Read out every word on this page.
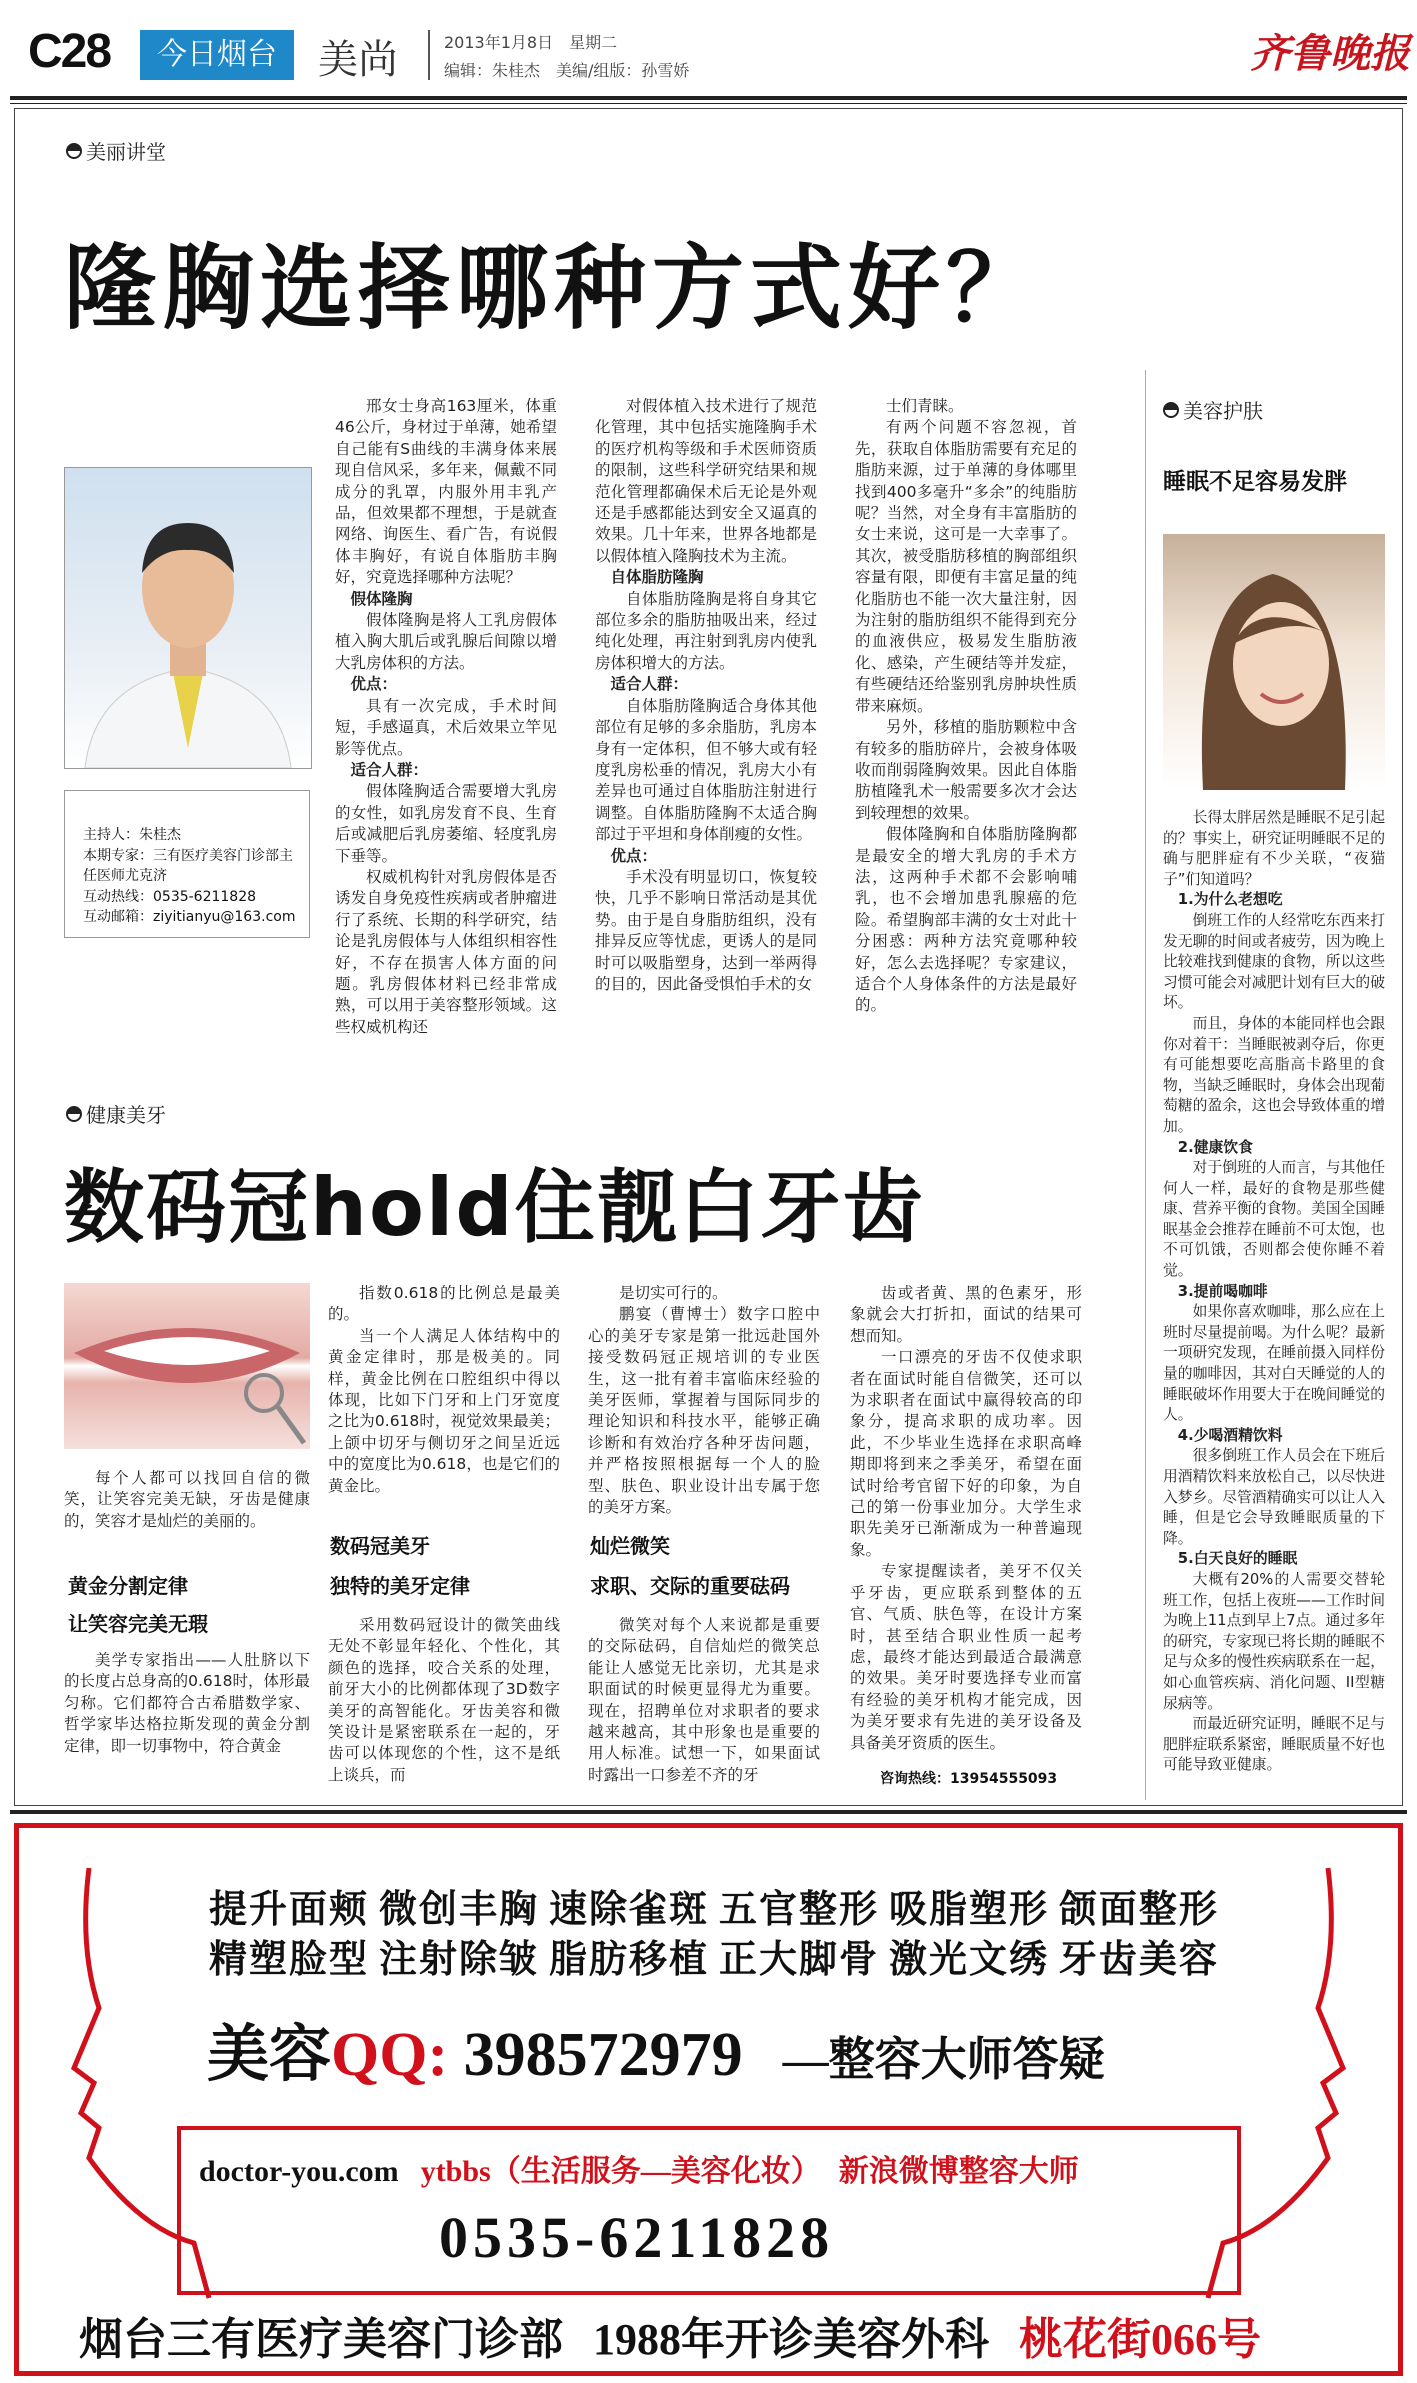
C28	今日烟台	美尚	2013年1月8日　星期二
编辑：朱桂杰　美编/组版：孙雪娇	齐鲁晚报
美丽讲堂
隆胸选择哪种方式好？
主持人：朱桂杰
本期专家：三有医疗美容门诊部主任医师尤克济
互动热线：0535-6211828
互动邮箱：ziyitianyu@163.com

邢女士身高163厘米，体重46公斤，身材过于单薄，她希望自己能有S曲线的丰满身体来展现自信风采，多年来，佩戴不同成分的乳罩，内服外用丰乳产品，但效果都不理想，于是就查网络、询医生、看广告，有说假体丰胸好，有说自体脂肪丰胸好，究竟选择哪种方法呢？

假体隆胸

假体隆胸是将人工乳房假体植入胸大肌后或乳腺后间隙以增大乳房体积的方法。

优点：

具有一次完成，手术时间短，手感逼真，术后效果立竿见影等优点。

适合人群：

假体隆胸适合需要增大乳房的女性，如乳房发育不良、生育后或减肥后乳房萎缩、轻度乳房下垂等。

权威机构针对乳房假体是否诱发自身免疫性疾病或者肿瘤进行了系统、长期的科学研究，结论是乳房假体与人体组织相容性好，不存在损害人体方面的问题。乳房假体材料已经非常成熟，可以用于美容整形领域。这些权威机构还

对假体植入技术进行了规范化管理，其中包括实施隆胸手术的医疗机构等级和手术医师资质的限制，这些科学研究结果和规范化管理都确保术后无论是外观还是手感都能达到安全又逼真的效果。几十年来，世界各地都是以假体植入隆胸技术为主流。

自体脂肪隆胸

自体脂肪隆胸是将自身其它部位多余的脂肪抽吸出来，经过纯化处理，再注射到乳房内使乳房体积增大的方法。

适合人群：

自体脂肪隆胸适合身体其他部位有足够的多余脂肪，乳房本身有一定体积，但不够大或有轻度乳房松垂的情况，乳房大小有差异也可通过自体脂肪注射进行调整。自体脂肪隆胸不太适合胸部过于平坦和身体削瘦的女性。

优点：

手术没有明显切口，恢复较快，几乎不影响日常活动是其优势。由于是自身脂肪组织，没有排异反应等忧虑，更诱人的是同时可以吸脂塑身，达到一举两得的目的，因此备受惧怕手术的女

士们青睐。

有两个问题不容忽视，首先，获取自体脂肪需要有充足的脂肪来源，过于单薄的身体哪里找到400多毫升“多余”的纯脂肪呢？当然，对全身有丰富脂肪的女士来说，这可是一大幸事了。其次，被受脂肪移植的胸部组织容量有限，即便有丰富足量的纯化脂肪也不能一次大量注射，因为注射的脂肪组织不能得到充分的血液供应，极易发生脂肪液化、感染，产生硬结等并发症，有些硬结还给鉴别乳房肿块性质带来麻烦。

另外，移植的脂肪颗粒中含有较多的脂肪碎片，会被身体吸收而削弱隆胸效果。因此自体脂肪植隆乳术一般需要多次才会达到较理想的效果。

假体隆胸和自体脂肪隆胸都是最安全的增大乳房的手术方法，这两种手术都不会影响哺乳，也不会增加患乳腺癌的危险。希望胸部丰满的女士对此十分困惑：两种方法究竟哪种较好，怎么去选择呢？专家建议，适合个人身体条件的方法是最好的。

美容护肤
睡眠不足容易发胖

长得太胖居然是睡眠不足引起的？事实上，研究证明睡眠不足的确与肥胖症有不少关联，“夜猫子”们知道吗？

1.为什么老想吃

倒班工作的人经常吃东西来打发无聊的时间或者疲劳，因为晚上比较难找到健康的食物，所以这些习惯可能会对减肥计划有巨大的破坏。

而且，身体的本能同样也会跟你对着干：当睡眠被剥夺后，你更有可能想要吃高脂高卡路里的食物，当缺乏睡眠时，身体会出现葡萄糖的盈余，这也会导致体重的增加。

2.健康饮食

对于倒班的人而言，与其他任何人一样，最好的食物是那些健康、营养平衡的食物。美国全国睡眠基金会推荐在睡前不可太饱，也不可饥饿，否则都会使你睡不着觉。

3.提前喝咖啡

如果你喜欢咖啡，那么应在上班时尽量提前喝。为什么呢？最新一项研究发现，在睡前摄入同样份量的咖啡因，其对白天睡觉的人的睡眠破坏作用要大于在晚间睡觉的人。

4.少喝酒精饮料

很多倒班工作人员会在下班后用酒精饮料来放松自己，以尽快进入梦乡。尽管酒精确实可以让人入睡，但是它会导致睡眠质量的下降。

5.白天良好的睡眠

大概有20%的人需要交替轮班工作，包括上夜班——工作时间为晚上11点到早上7点。通过多年的研究，专家现已将长期的睡眠不足与众多的慢性疾病联系在一起，如心血管疾病、消化问题、II型糖尿病等。

而最近研究证明，睡眠不足与肥胖症联系紧密，睡眠质量不好也可能导致亚健康。

健康美牙
数码冠hold住靓白牙齿

每个人都可以找回自信的微笑，让笑容完美无缺，牙齿是健康的，笑容才是灿烂的美丽的。

黄金分割定律
让笑容完美无瑕

美学专家指出——人肚脐以下的长度占总身高的0.618时，体形最匀称。它们都符合古希腊数学家、哲学家毕达格拉斯发现的黄金分割定律，即一切事物中，符合黄金

指数0.618的比例总是最美的。

当一个人满足人体结构中的黄金定律时，那是极美的。同样，黄金比例在口腔组织中得以体现，比如下门牙和上门牙宽度之比为0.618时，视觉效果最美；上颌中切牙与侧切牙之间呈近远中的宽度比为0.618，也是它们的黄金比。

数码冠美牙
独特的美牙定律

采用数码冠设计的微笑曲线无处不彰显年轻化、个性化，其颜色的选择，咬合关系的处理，前牙大小的比例都体现了3D数字美牙的高智能化。牙齿美容和微笑设计是紧密联系在一起的，牙齿可以体现您的个性，这不是纸上谈兵，而

是切实可行的。

鹏宴（曹博士）数字口腔中心的美牙专家是第一批远赴国外接受数码冠正规培训的专业医生，这一批有着丰富临床经验的美牙医师，掌握着与国际同步的理论知识和科技水平，能够正确诊断和有效治疗各种牙齿问题，并严格按照根据每一个人的脸型、肤色、职业设计出专属于您的美牙方案。

灿烂微笑
求职、交际的重要砝码

微笑对每个人来说都是重要的交际砝码，自信灿烂的微笑总能让人感觉无比亲切，尤其是求职面试的时候更显得尤为重要。现在，招聘单位对求职者的要求越来越高，其中形象也是重要的用人标准。试想一下，如果面试时露出一口参差不齐的牙

齿或者黄、黑的色素牙，形象就会大打折扣，面试的结果可想而知。

一口漂亮的牙齿不仅使求职者在面试时能自信微笑，还可以为求职者在面试中赢得较高的印象分，提高求职的成功率。因此，不少毕业生选择在求职高峰期即将到来之季美牙，希望在面试时给考官留下好的印象，为自己的第一份事业加分。大学生求职先美牙已渐渐成为一种普遍现象。

专家提醒读者，美牙不仅关乎牙齿，更应联系到整体的五官、气质、肤色等，在设计方案时，甚至结合职业性质一起考虑，最终才能达到最适合最满意的效果。美牙时要选择专业而富有经验的美牙机构才能完成，因为美牙要求有先进的美牙设备及具备美牙资质的医生。

咨询热线：13954555093
提升面颊 微创丰胸 速除雀斑 五官整形 吸脂塑形 颌面整形
精塑脸型 注射除皱 脂肪移植 正大脚骨 激光文绣 牙齿美容
美容QQ: 398572979 —整容大师答疑
doctor-you.com ytbbs（生活服务—美容化妆） 新浪微博整容大师
0535-6211828
烟台三有医疗美容门诊部 1988年开诊美容外科 桃花街066号
